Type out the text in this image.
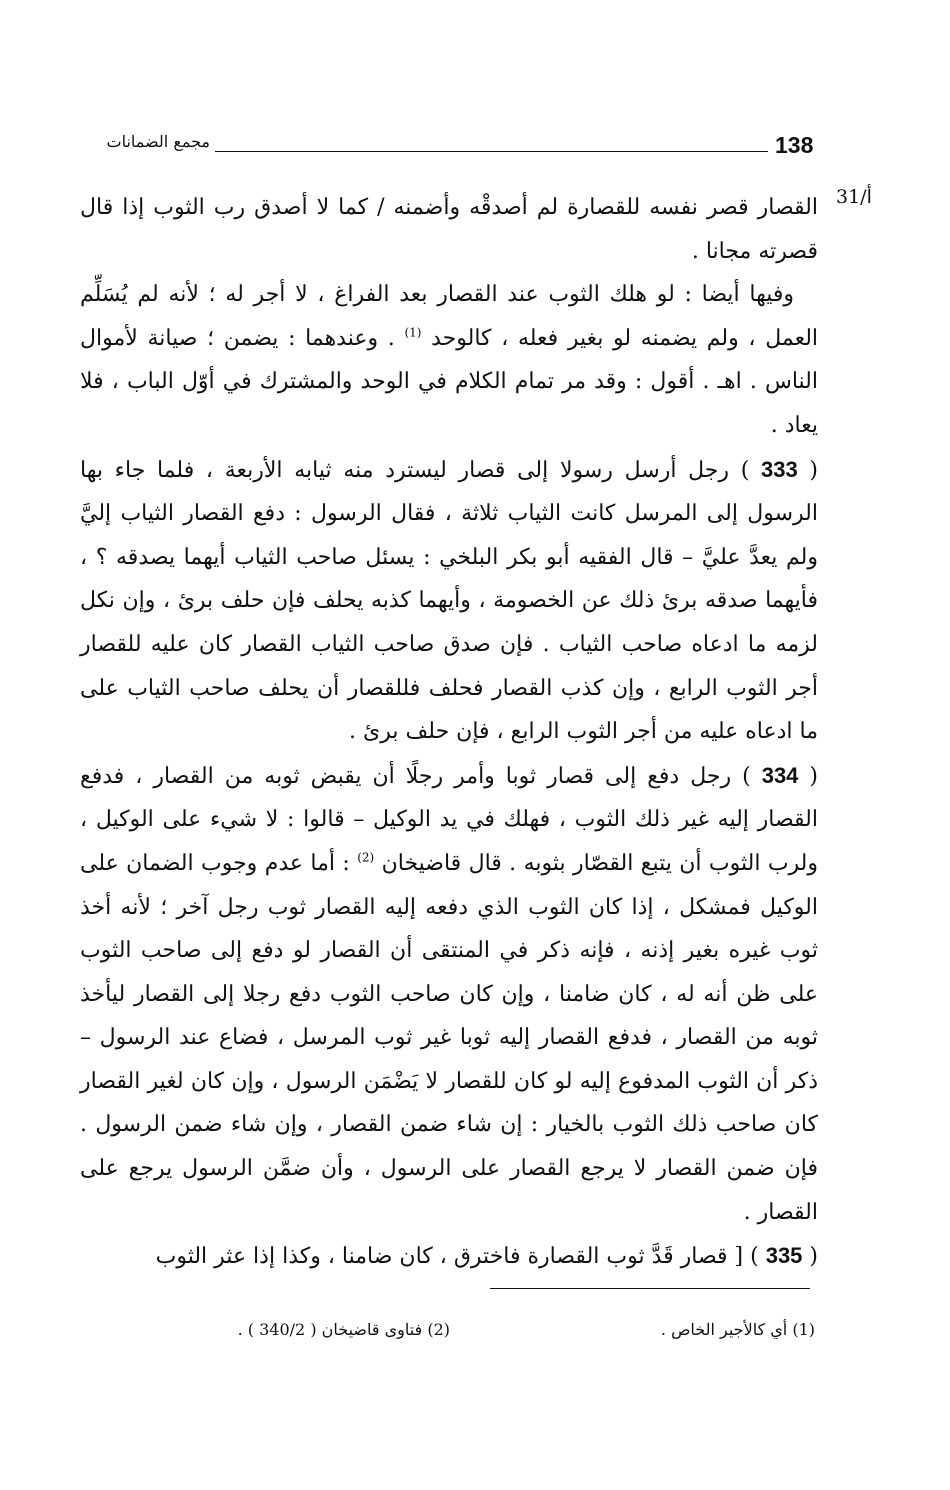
138
مجمع الضمانات
31/أ

القصار قصر نفسه للقصارة لم أصدقْه وأضمنه / كما لا أصدق رب الثوب إذا قال قصرته مجانا .

وفيها أيضا : لو هلك الثوب عند القصار بعد الفراغ ، لا أجر له ؛ لأنه لم يُسَلِّم العمل ، ولم يضمنه لو بغير فعله ، كالوحد $^{(1)}$ . وعندهما : يضمن ؛ صيانة لأموال الناس . اهـ . أقول : وقد مر تمام الكلام في الوحد والمشترك في أوّل الباب ، فلا يعاد .

( 333 ) رجل أرسل رسولا إلى قصار ليسترد منه ثيابه الأربعة ، فلما جاء بها الرسول إلى المرسل كانت الثياب ثلاثة ، فقال الرسول : دفع القصار الثياب إليَّ ولم يعدَّ عليَّ – قال الفقيه أبو بكر البلخي : يسئل صاحب الثياب أيهما يصدقه ؟ ، فأيهما صدقه برئ ذلك عن الخصومة ، وأيهما كذبه يحلف فإن حلف برئ ، وإن نكل لزمه ما ادعاه صاحب الثياب . فإن صدق صاحب الثياب القصار كان عليه للقصار أجر الثوب الرابع ، وإن كذب القصار فحلف فللقصار أن يحلف صاحب الثياب على ما ادعاه عليه من أجر الثوب الرابع ، فإن حلف برئ .

( 334 ) رجل دفع إلى قصار ثوبا وأمر رجلًا أن يقبض ثوبه من القصار ، فدفع القصار إليه غير ذلك الثوب ، فهلك في يد الوكيل – قالوا : لا شيء على الوكيل ، ولرب الثوب أن يتبع القصّار بثوبه . قال قاضيخان $^{(2)}$ : أما عدم وجوب الضمان على الوكيل فمشكل ، إذا كان الثوب الذي دفعه إليه القصار ثوب رجل آخر ؛ لأنه أخذ ثوب غيره بغير إذنه ، فإنه ذكر في المنتقى أن القصار لو دفع إلى صاحب الثوب على ظن أنه له ، كان ضامنا ، وإن كان صاحب الثوب دفع رجلا إلى القصار ليأخذ ثوبه من القصار ، فدفع القصار إليه ثوبا غير ثوب المرسل ، فضاع عند الرسول – ذكر أن الثوب المدفوع إليه لو كان للقصار لا يَضْمَن الرسول ، وإن كان لغير القصار كان صاحب ذلك الثوب بالخيار : إن شاء ضمن القصار ، وإن شاء ضمن الرسول . فإن ضمن القصار لا يرجع القصار على الرسول ، وأن ضمَّن الرسول يرجع على القصار .

( 335 ) [ قصار قَدَّ ثوب القصارة فاخترق ، كان ضامنا ، وكذا إذا عثر الثوب

(1) أي كالأجير الخاص .
(2) فتاوى قاضيخان ( 340/2 ) .
